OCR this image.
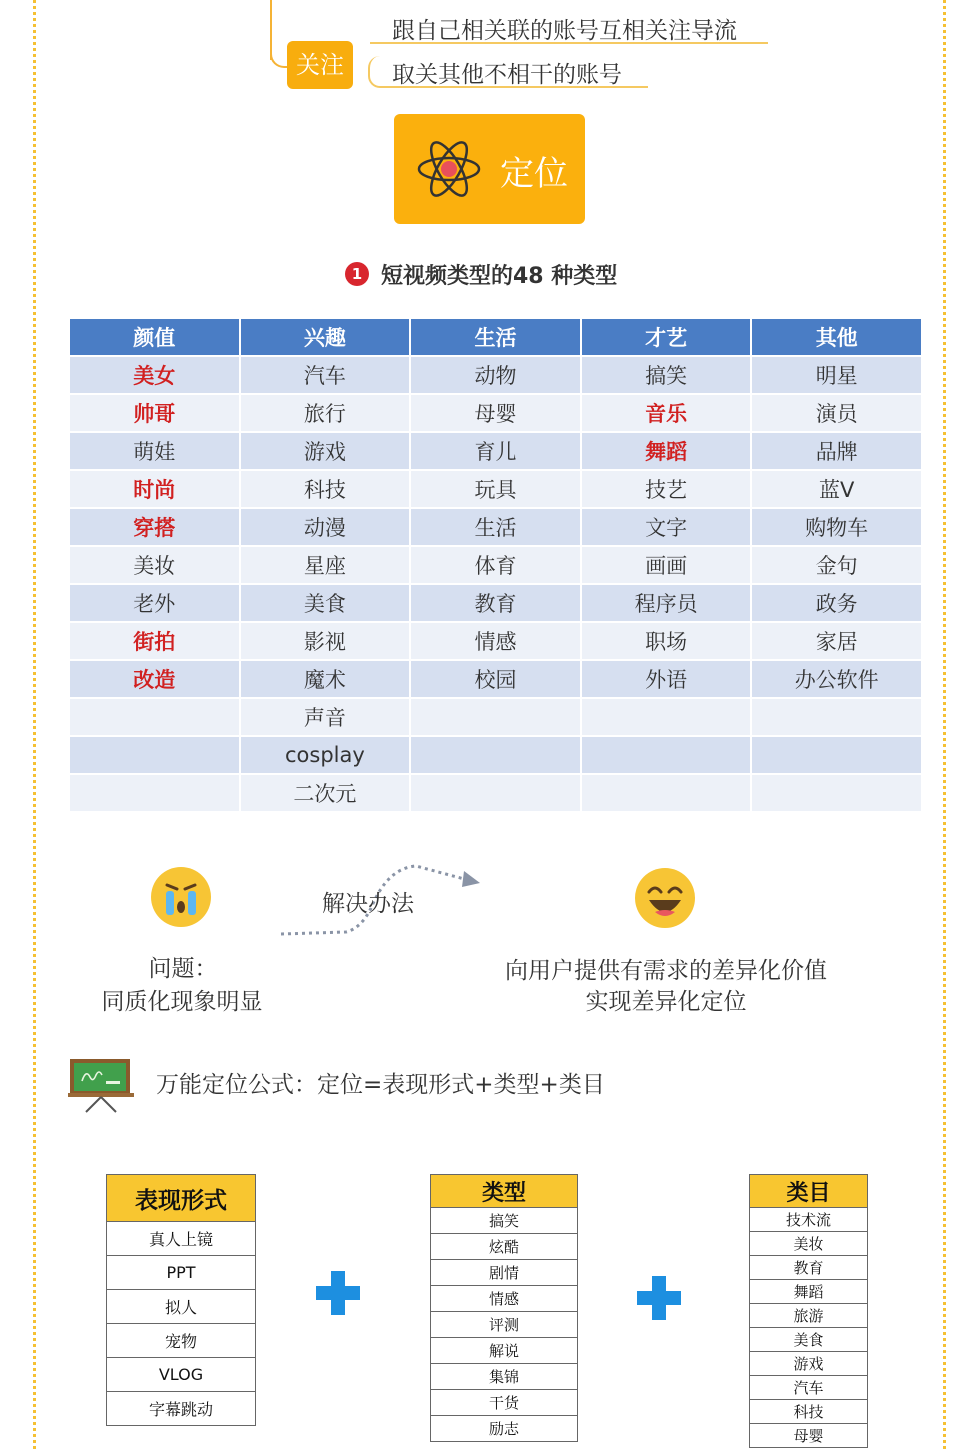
关注
跟自己相关联的账号互相关注导流
取关其他不相干的账号
定位
1 短视频类型的48 种类型
颜值	兴趣	生活	才艺	其他
美女	汽车	动物	搞笑	明星
帅哥	旅行	母婴	音乐	演员
萌娃	游戏	育儿	舞蹈	品牌
时尚	科技	玩具	技艺	蓝V
穿搭	动漫	生活	文字	购物车
美妆	星座	体育	画画	金句
老外	美食	教育	程序员	政务
街拍	影视	情感	职场	家居
改造	魔术	校园	外语	办公软件
	声音			
	cosplay			
	二次元			
问题：
同质化现象明显
解决办法
向用户提供有需求的差异化价值
实现差异化定位
万能定位公式：定位=表现形式+类型+类目
表现形式
真人上镜
PPT
拟人
宠物
VLOG
字幕跳动
类型
搞笑
炫酷
剧情
情感
评测
解说
集锦
干货
励志
类目
技术流
美妆
教育
舞蹈
旅游
美食
游戏
汽车
科技
母婴
